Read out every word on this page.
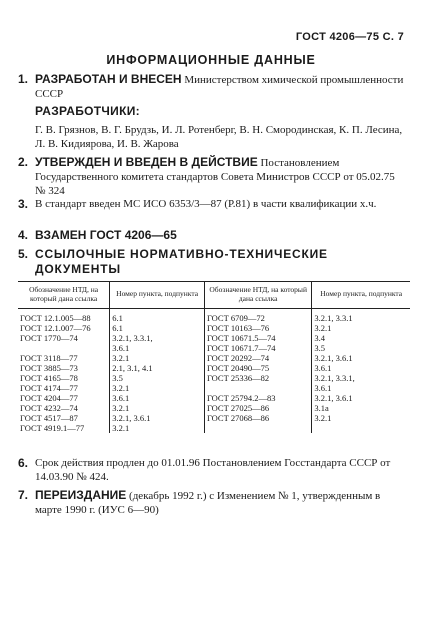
ГОСТ 4206—75 С. 7
ИНФОРМАЦИОННЫЕ ДАННЫЕ
1. РАЗРАБОТАН И ВНЕСЕН Министерством химической промышленности СССР
РАЗРАБОТЧИКИ:
Г. В. Грязнов, В. Г. Брудзь, И. Л. Ротенберг, В. Н. Смородинская, К. П. Лесина, Л. В. Кидиярова, И. В. Жарова
2. УТВЕРЖДЕН И ВВЕДЕН В ДЕЙСТВИЕ Постановлением Государственного комитета стандартов Совета Министров СССР от 05.02.75 № 324
3. В стандарт введен МС ИСО 6353/3—87 (Р.81) в части квалификации х.ч.
4. ВЗАМЕН ГОСТ 4206—65
5. ССЫЛОЧНЫЕ НОРМАТИВНО-ТЕХНИЧЕСКИЕ ДОКУМЕНТЫ
Обозначение НТД, на который дана ссылка	Номер пункта, подпункта	Обозначение НТД, на который дана ссылка	Номер пункта, подпункта
ГОСТ 12.1.005—88	6.1	ГОСТ 6709—72	3.2.1, 3.3.1
ГОСТ 12.1.007—76	6.1	ГОСТ 10163—76	3.2.1
ГОСТ 1770—74	3.2.1, 3.3.1,	ГОСТ 10671.5—74	3.4
	3.6.1	ГОСТ 10671.7—74	3.5
ГОСТ 3118—77	3.2.1	ГОСТ 20292—74	3.2.1, 3.6.1
ГОСТ 3885—73	2.1, 3.1, 4.1	ГОСТ 20490—75	3.6.1
ГОСТ 4165—78	3.5	ГОСТ 25336—82	3.2.1, 3.3.1,
ГОСТ 4174—77	3.2.1		3.6.1
ГОСТ 4204—77	3.6.1	ГОСТ 25794.2—83	3.2.1, 3.6.1
ГОСТ 4232—74	3.2.1	ГОСТ 27025—86	3.1а
ГОСТ 4517—87	3.2.1, 3.6.1	ГОСТ 27068—86	3.2.1
ГОСТ 4919.1—77	3.2.1		
6. Срок действия продлен до 01.01.96 Постановлением Госстандарта СССР от 14.03.90 № 424.
7. ПЕРЕИЗДАНИЕ (декабрь 1992 г.) с Изменением № 1, утвержденным в марте 1990 г. (ИУС 6—90)
